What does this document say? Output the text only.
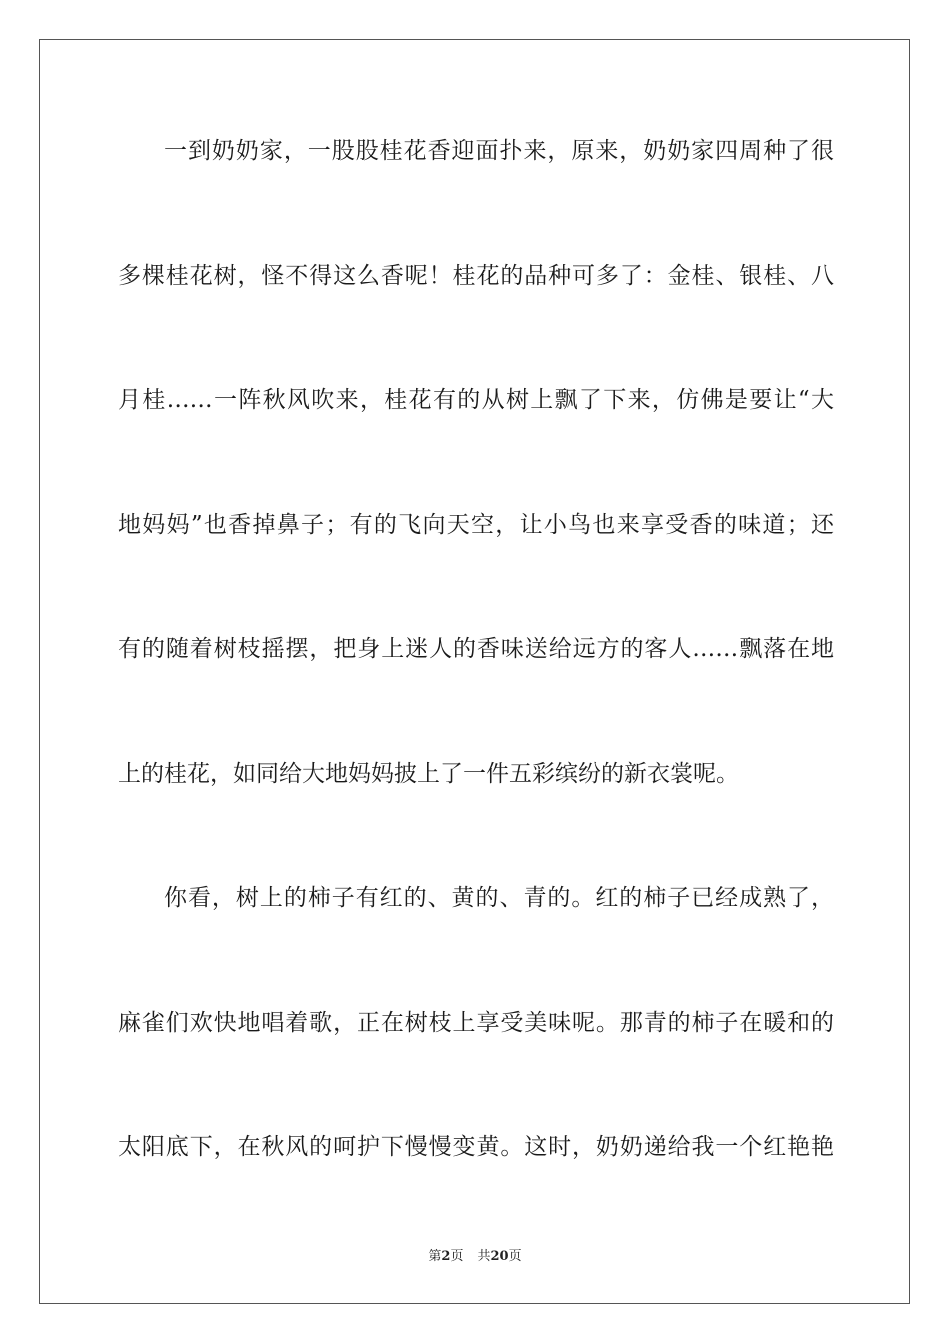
一到奶奶家，一股股桂花香迎面扑来，原来，奶奶家四周种了很
多棵桂花树，怪不得这么香呢！桂花的品种可多了：金桂、银桂、八
月桂……一阵秋风吹来，桂花有的从树上飘了下来，仿佛是要让“大
地妈妈”也香掉鼻子；有的飞向天空，让小鸟也来享受香的味道；还
有的随着树枝摇摆，把身上迷人的香味送给远方的客人……飘落在地
上的桂花，如同给大地妈妈披上了一件五彩缤纷的新衣裳呢。
你看，树上的柿子有红的、黄的、青的。红的柿子已经成熟了，
麻雀们欢快地唱着歌，正在树枝上享受美味呢。那青的柿子在暖和的
太阳底下，在秋风的呵护下慢慢变黄。这时，奶奶递给我一个红艳艳
第2页 共20页
